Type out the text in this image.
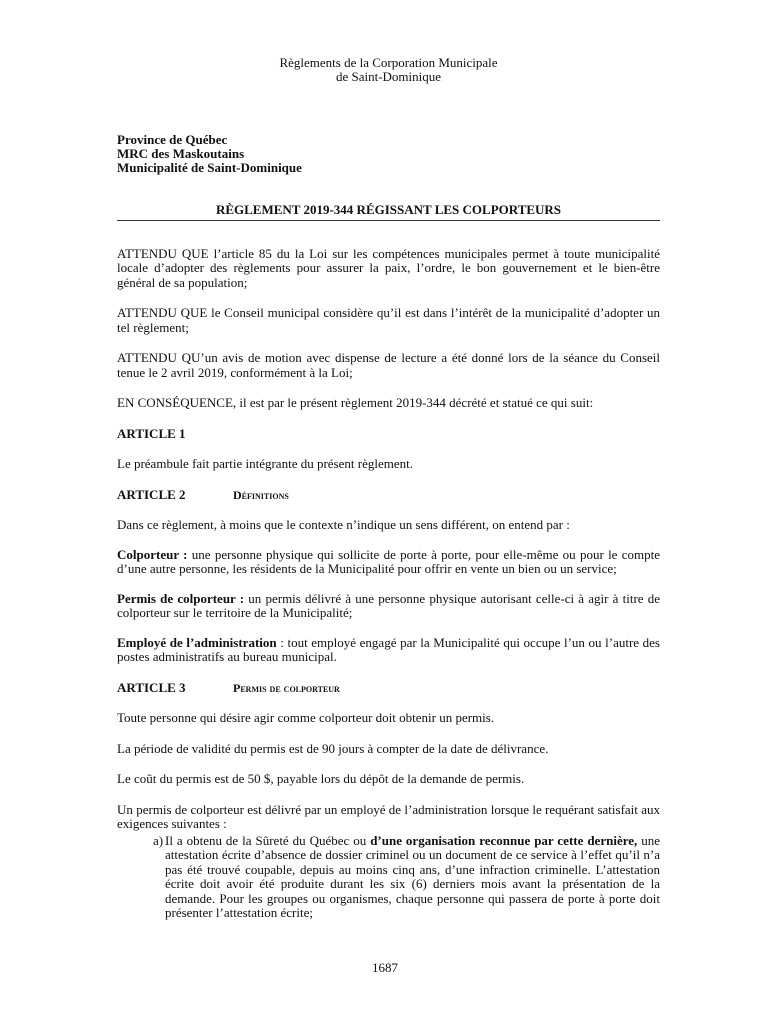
Règlements de la Corporation Municipale
de Saint-Dominique
Province de Québec
MRC des Maskoutains
Municipalité de Saint-Dominique
RÈGLEMENT 2019-344 RÉGISSANT LES COLPORTEURS

ATTENDU QUE l’article 85 du la Loi sur les compétences municipales permet à toute municipalité locale d’adopter des règlements pour assurer la paix, l’ordre, le bon gouvernement et le bien-être général de sa population;

ATTENDU QUE le Conseil municipal considère qu’il est dans l’intérêt de la municipalité d’adopter un tel règlement;

ATTENDU QU’un avis de motion avec dispense de lecture a été donné lors de la séance du Conseil tenue le 2 avril 2019, conformément à la Loi;

EN CONSÉQUENCE, il est par le présent règlement 2019-344 décrété et statué ce qui suit:

ARTICLE 1

Le préambule fait partie intégrante du présent règlement.

ARTICLE 2	Définitions

Dans ce règlement, à moins que le contexte n’indique un sens différent, on entend par :

Colporteur : une personne physique qui sollicite de porte à porte, pour elle-même ou pour le compte d’une autre personne, les résidents de la Municipalité pour offrir en vente un bien ou un service;

Permis de colporteur : un permis délivré à une personne physique autorisant celle-ci à agir à titre de colporteur sur le territoire de la Municipalité;

Employé de l’administration : tout employé engagé par la Municipalité qui occupe l’un ou l’autre des postes administratifs au bureau municipal.

ARTICLE 3	Permis de colporteur

Toute personne qui désire agir comme colporteur doit obtenir un permis.

La période de validité du permis est de 90 jours à compter de la date de délivrance.

Le coût du permis est de 50 $, payable lors du dépôt de la demande de permis.

Un permis de colporteur est délivré par un employé de l’administration lorsque le requérant satisfait aux exigences suivantes :

a) Il a obtenu de la Sûreté du Québec ou d’une organisation reconnue par cette dernière, une attestation écrite d’absence de dossier criminel ou un document de ce service à l’effet qu’il n’a pas été trouvé coupable, depuis au moins cinq ans, d’une infraction criminelle. L’attestation écrite doit avoir été produite durant les six (6) derniers mois avant la présentation de la demande. Pour les groupes ou organismes, chaque personne qui passera de porte à porte doit présenter l’attestation écrite;
1687
